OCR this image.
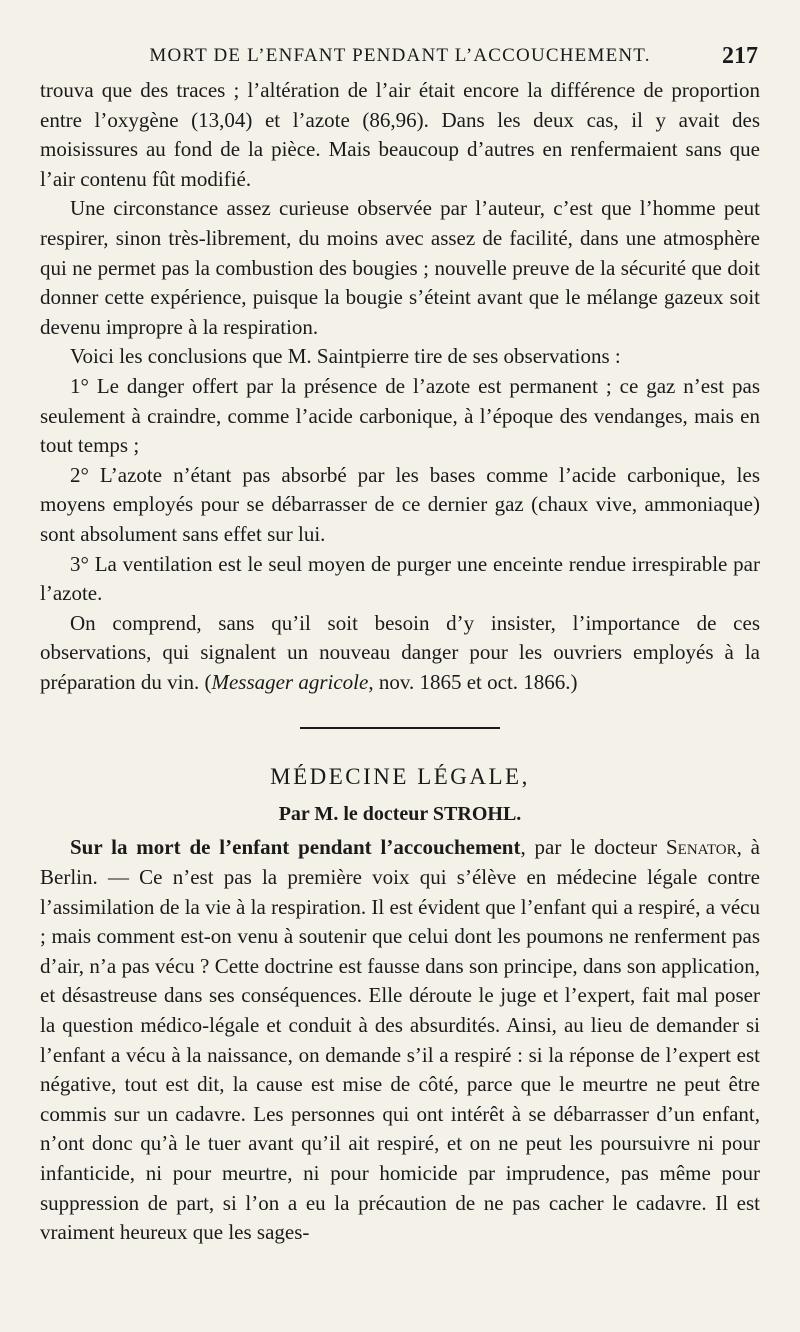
MORT DE L’ENFANT PENDANT L’ACCOUCHEMENT.	217

trouva que des traces ; l’altération de l’air était encore la différence de proportion entre l’oxygène (13,04) et l’azote (86,96). Dans les deux cas, il y avait des moisissures au fond de la pièce. Mais beaucoup d’autres en renfermaient sans que l’air contenu fût modifié.

Une circonstance assez curieuse observée par l’auteur, c’est que l’homme peut respirer, sinon très-librement, du moins avec assez de facilité, dans une atmosphère qui ne permet pas la combustion des bougies ; nouvelle preuve de la sécurité que doit donner cette expérience, puisque la bougie s’éteint avant que le mélange gazeux soit devenu impropre à la respiration.

Voici les conclusions que M. Saintpierre tire de ses observations :

1° Le danger offert par la présence de l’azote est permanent ; ce gaz n’est pas seulement à craindre, comme l’acide carbonique, à l’époque des vendanges, mais en tout temps ;

2° L’azote n’étant pas absorbé par les bases comme l’acide carbonique, les moyens employés pour se débarrasser de ce dernier gaz (chaux vive, ammoniaque) sont absolument sans effet sur lui.

3° La ventilation est le seul moyen de purger une enceinte rendue irrespirable par l’azote.

On comprend, sans qu’il soit besoin d’y insister, l’importance de ces observations, qui signalent un nouveau danger pour les ouvriers employés à la préparation du vin. (Messager agricole, nov. 1865 et oct. 1866.)

MÉDECINE LÉGALE,
Par M. le docteur STROHL.

Sur la mort de l’enfant pendant l’accouchement, par le docteur Senator, à Berlin. — Ce n’est pas la première voix qui s’élève en médecine légale contre l’assimilation de la vie à la respiration. Il est évident que l’enfant qui a respiré, a vécu ; mais comment est-on venu à soutenir que celui dont les poumons ne renferment pas d’air, n’a pas vécu ? Cette doctrine est fausse dans son principe, dans son application, et désastreuse dans ses conséquences. Elle déroute le juge et l’expert, fait mal poser la question médico-légale et conduit à des absurdités. Ainsi, au lieu de demander si l’enfant a vécu à la naissance, on demande s’il a respiré : si la réponse de l’expert est négative, tout est dit, la cause est mise de côté, parce que le meurtre ne peut être commis sur un cadavre. Les personnes qui ont intérêt à se débarrasser d’un enfant, n’ont donc qu’à le tuer avant qu’il ait respiré, et on ne peut les poursuivre ni pour infanticide, ni pour meurtre, ni pour homicide par imprudence, pas même pour suppression de part, si l’on a eu la précaution de ne pas cacher le cadavre. Il est vraiment heureux que les sages-
